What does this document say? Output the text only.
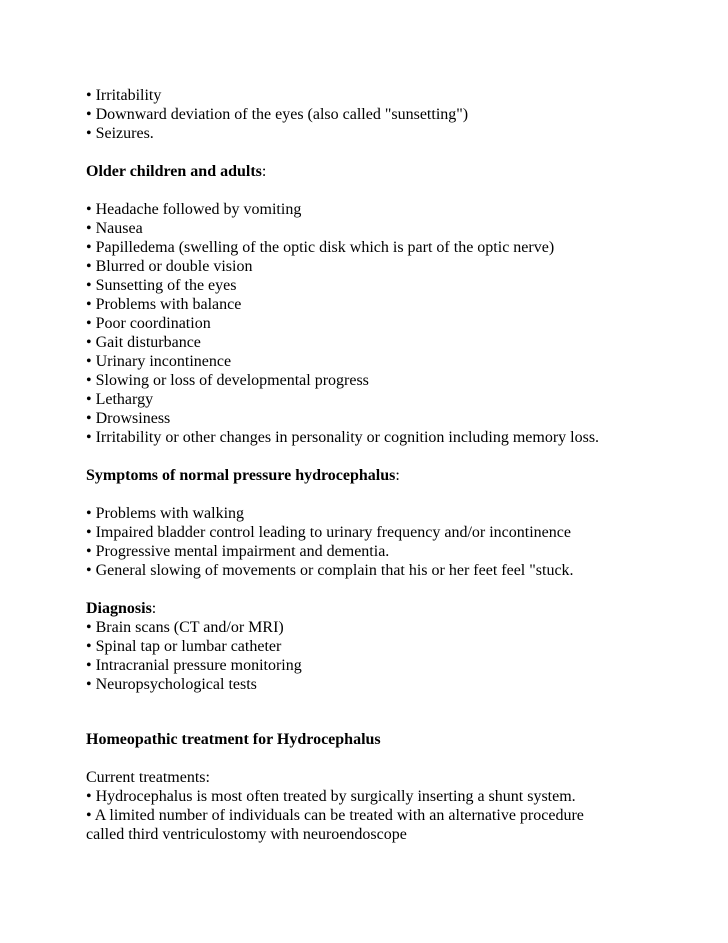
• Irritability
• Downward deviation of the eyes (also called "sunsetting")
• Seizures.
Older children and adults:
• Headache followed by vomiting
• Nausea
• Papilledema (swelling of the optic disk which is part of the optic nerve)
• Blurred or double vision
• Sunsetting of the eyes
• Problems with balance
• Poor coordination
• Gait disturbance
• Urinary incontinence
• Slowing or loss of developmental progress
• Lethargy
• Drowsiness
• Irritability or other changes in personality or cognition including memory loss.
Symptoms of normal pressure hydrocephalus:
• Problems with walking
• Impaired bladder control leading to urinary frequency and/or incontinence
• Progressive mental impairment and dementia.
• General slowing of movements or complain that his or her feet feel "stuck.
Diagnosis:
• Brain scans (CT and/or MRI)
• Spinal tap or lumbar catheter
• Intracranial pressure monitoring
• Neuropsychological tests
Homeopathic treatment for Hydrocephalus
Current treatments:
• Hydrocephalus is most often treated by surgically inserting a shunt system.
• A limited number of individuals can be treated with an alternative procedure
called third ventriculostomy with neuroendoscope
